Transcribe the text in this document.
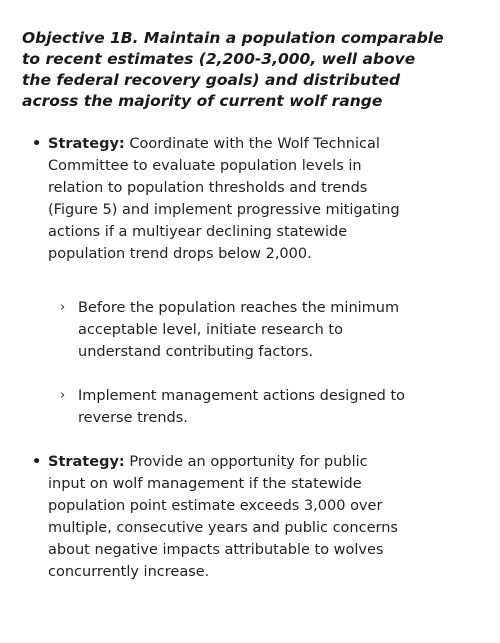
Objective 1B. Maintain a population comparable
to recent estimates (2,200-3,000, well above
the federal recovery goals) and distributed
across the majority of current wolf range
• Strategy: Coordinate with the Wolf Technical
Committee to evaluate population levels in
relation to population thresholds and trends
(Figure 5) and implement progressive mitigating
actions if a multiyear declining statewide
population trend drops below 2,000.
› Before the population reaches the minimum
acceptable level, initiate research to
understand contributing factors.
› Implement management actions designed to
reverse trends.
• Strategy: Provide an opportunity for public
input on wolf management if the statewide
population point estimate exceeds 3,000 over
multiple, consecutive years and public concerns
about negative impacts attributable to wolves
concurrently increase.
